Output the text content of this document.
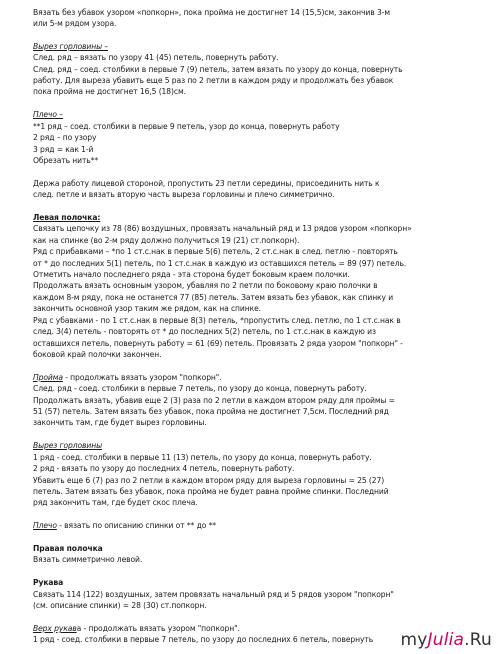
Вязать без убавок узором «попкорн», пока пройма не достигнет 14 (15,5)см, закончив 3-м
или 5-м рядом узора.
Вырез горловины –
След. ряд – вязать по узору 41 (45) петель, повернуть работу.
След. ряд – соед. столбики в первые 7 (9) петель, затем вязать по узору до конца, повернуть
работу. Для выреза убавить еще 5 раз по 2 петли в каждом ряду и продолжать без убавок
пока пройма не достигнет 16,5 (18)см.
Плечо –
**1 ряд – соед. столбики в первые 9 петель, узор до конца, повернуть работу
2 ряд – по узору
3 ряд = как 1-й
Обрезать нить**
Держа работу лицевой стороной, пропустить 23 петли середины, присоединить нить к
след. петле и вязать вторую часть выреза горловины и плечо симметрично.
Левая полочка:
Связать цепочку из 78 (86) воздушных, провязать начальный ряд и 13 рядов узором «попкорн»
как на спинке (во 2-м ряду должно получиться 19 (21) ст.попкорн).
Ряд с прибавками – *по 1 ст.с.нак в первые 5(6) петель, 2 ст.с.нак в след. петлю - повторять
от * до последних 5(1) петель, по 1 ст.с.нак в каждую из оставшихся петель = 89 (97) петель.
Отметить начало последнего ряда - эта сторона будет боковым краем полочки.
Продолжать вязать основным узором, убавляя по 2 петли по боковому краю полочки в
каждом 8-м ряду, пока не останется 77 (85) петель. Затем вязать без убавок, как спинку и
закончить основной узор таким же рядом, как на спинке.
Ряд с убавками - по 1 ст.с.нак в первые 8(3) петель, *пропустить след. петлю, по 1 ст.с.нак в
след. 3(4) петель - повторять от * до последних 5(2) петель, по 1 ст.с.нак в каждую из
оставшихся петель, повернуть работу = 61 (69) петель. Провязать 2 ряда узором "попкорн" -
боковой край полочки закончен.
Пройма - продолжать вязать узором "попкорн".
След. ряд - соед. столбики в первые 7 петель, по узору до конца, повернуть работу.
Продолжать вязать, убавив еще 2 (3) раза по 2 петли в каждом втором ряду для проймы =
51 (57) петель. Затем вязать без убавок, пока пройма не достигнет 7,5см. Последний ряд
закончить там, где будет вырез горловины.
Вырез горловины
1 ряд - соед. столбики в первые 11 (13) петель, по узору до конца, повернуть работу.
2 ряд - вязать по узору до последних 4 петель, повернуть работу.
Убавить еще 6 (7) раз по 2 петли в каждом втором ряду для выреза горловины = 25 (27)
петель. Затем вязать без убавок, пока пройма не будет равна пройме спинки. Последний
ряд закончить там, где будет скос плеча.
Плечо - вязать по описанию спинки от ** до **
Правая полочка
Вязать симметрично левой.
Рукава
Связать 114 (122) воздушных, затем провязать начальный ряд и 5 рядов узором "попкорн"
(см. описание спинки) = 28 (30) ст.попкорн.
Верх рукава - продолжать вязать узором "попкорн".
1 ряд - соед. столбики в первые 7 петель, по узору до последних 6 петель, повернуть myJulia.Ru
